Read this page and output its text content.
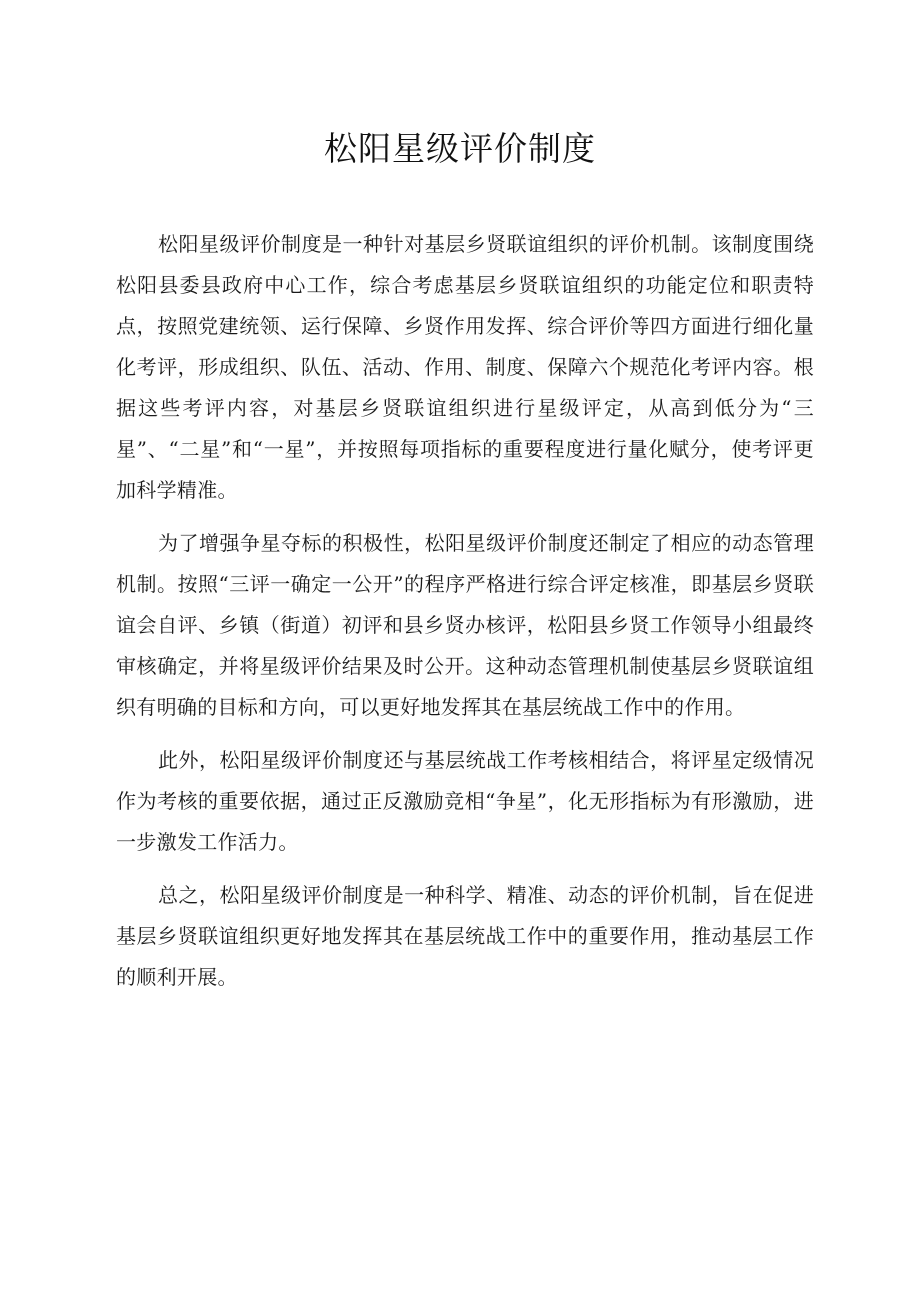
松阳星级评价制度

松阳星级评价制度是一种针对基层乡贤联谊组织的评价机制。该制度围绕松阳县委县政府中心工作，综合考虑基层乡贤联谊组织的功能定位和职责特点，按照党建统领、运行保障、乡贤作用发挥、综合评价等四方面进行细化量化考评，形成组织、队伍、活动、作用、制度、保障六个规范化考评内容。根据这些考评内容，对基层乡贤联谊组织进行星级评定，从高到低分为“三星”、“二星”和“一星”，并按照每项指标的重要程度进行量化赋分，使考评更加科学精准。

为了增强争星夺标的积极性，松阳星级评价制度还制定了相应的动态管理机制。按照“三评一确定一公开”的程序严格进行综合评定核准，即基层乡贤联谊会自评、乡镇（街道）初评和县乡贤办核评，松阳县乡贤工作领导小组最终审核确定，并将星级评价结果及时公开。这种动态管理机制使基层乡贤联谊组织有明确的目标和方向，可以更好地发挥其在基层统战工作中的作用。

此外，松阳星级评价制度还与基层统战工作考核相结合，将评星定级情况作为考核的重要依据，通过正反激励竞相“争星”，化无形指标为有形激励，进一步激发工作活力。

总之，松阳星级评价制度是一种科学、精准、动态的评价机制，旨在促进基层乡贤联谊组织更好地发挥其在基层统战工作中的重要作用，推动基层工作的顺利开展。
